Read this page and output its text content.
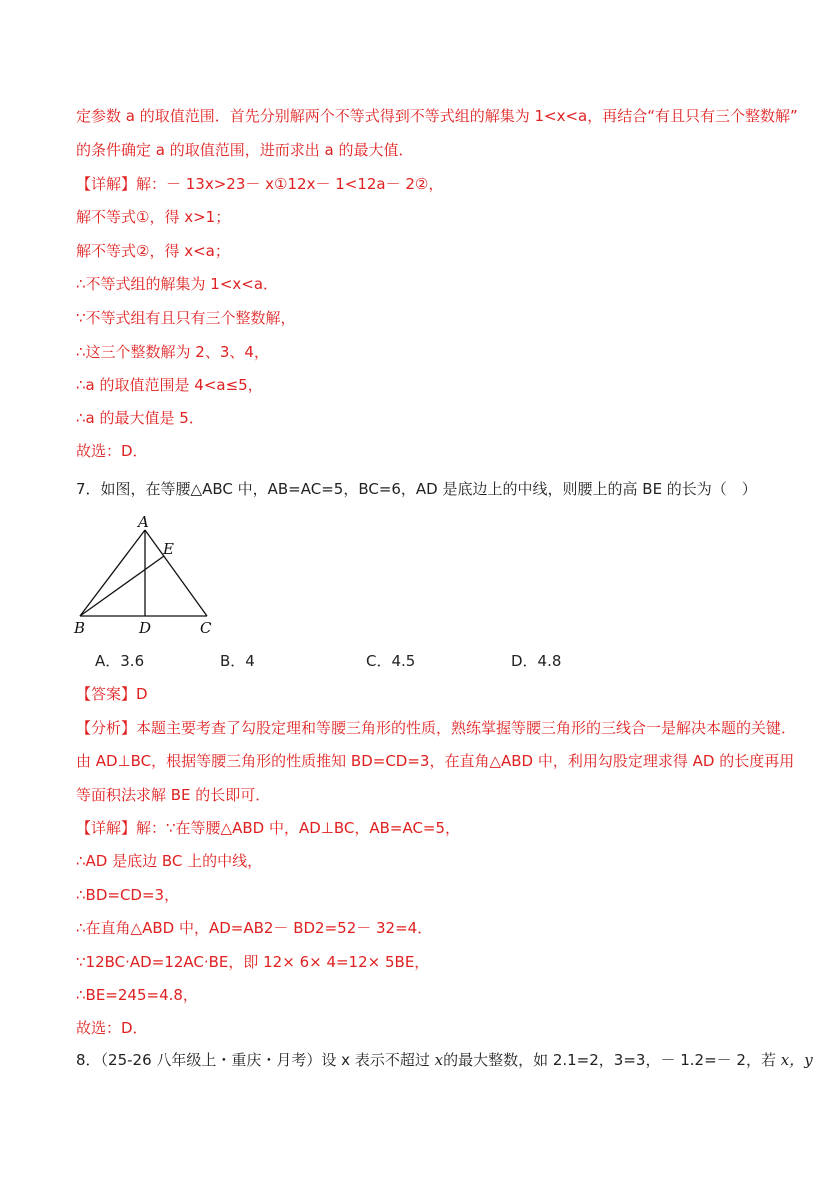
定参数 a 的取值范围．首先分别解两个不等式得到不等式组的解集为 1<x<a，再结合“有且只有三个整数解”
的条件确定 a 的取值范围，进而求出 a 的最大值．
【详解】解：－ 13x>23－ x①12x－ 1<12a－ 2②，
解不等式①，得 x>1；
解不等式②，得 x<a；
∴不等式组的解集为 1<x<a．
∵不等式组有且只有三个整数解，
∴这三个整数解为 2、3、4，
∴a 的取值范围是 4<a≤5，
∴a 的最大值是 5．
故选：D．
7．如图，在等腰△ABC 中，AB=AC=5，BC=6，AD 是底边上的中线，则腰上的高 BE 的长为（　）
A
E
B	D	C
A．3.6	B．4	C．4.5	D．4.8
【答案】D
【分析】本题主要考查了勾股定理和等腰三角形的性质，熟练掌握等腰三角形的三线合一是解决本题的关键．
由 AD⊥BC，根据等腰三角形的性质推知 BD=CD=3，在直角△ABD 中，利用勾股定理求得 AD 的长度再用
等面积法求解 BE 的长即可．
【详解】解：∵在等腰△ABD 中，AD⊥BC，AB=AC=5，
∴AD 是底边 BC 上的中线，
∴BD=CD=3，
∴在直角△ABD 中，AD=AB2－ BD2=52－ 32=4．
∵12BC·AD=12AC·BE，即 12× 6× 4=12× 5BE，
∴BE=245=4.8，
故选：D．
8．（25-26 八年级上・重庆・月考）设 x 表示不超过 x的最大整数，如 2.1=2，3=3，－ 1.2=－ 2，若 x，y
